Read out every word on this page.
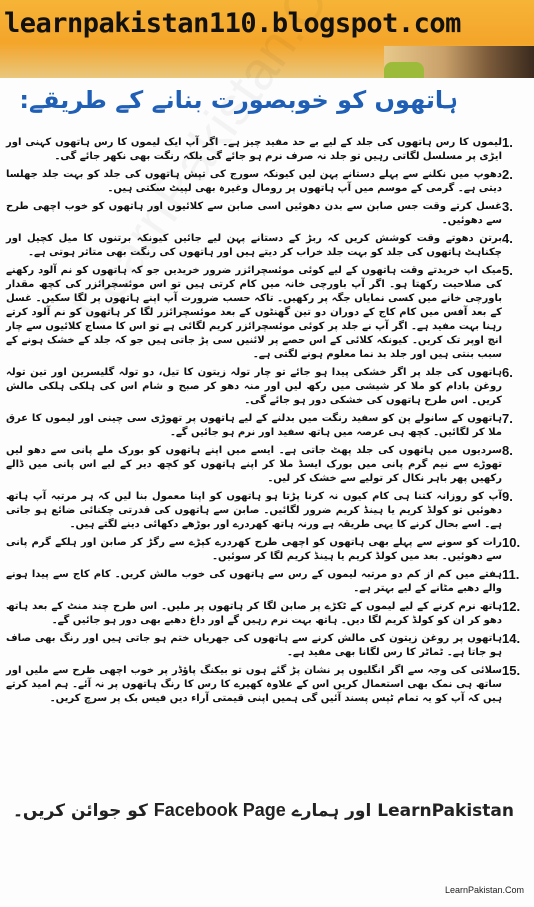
learnpakistan110.blogspot.com
ہاتھوں کو خوبصورت بنانے کے طریقے:
1.
لیموں کا رس ہاتھوں کی جلد کے لیے بے حد مفید چیز ہے۔ اگر آپ ایک لیموں کا رس ہاتھوں کہنی اور ایڑی پر مسلسل لگاتی رہیں تو جلد نہ صرف نرم ہو جائے گی بلکہ رنگت بھی نکھر جائے گی۔
2.
دھوپ میں نکلنے سے پہلے دستانے پہن لیں کیونکہ سورج کی تپش ہاتھوں کی جلد کو بہت جلد جھلسا دیتی ہے۔ گرمی کے موسم میں آپ ہاتھوں پر رومال وغیرہ بھی لپیٹ سکتی ہیں۔
3.
غسل کرتے وقت جس صابن سے بدن دھوئیں اسی صابن سے کلائیوں اور ہاتھوں کو خوب اچھی طرح سے دھوئیں۔
4.
برتن دھوتے وقت کوشش کریں کہ ربڑ کے دستانے پہن لیے جائیں کیونکہ برتنوں کا میل کچیل اور چکناہٹ ہاتھوں کی جلد کو بہت جلد خراب کر دیتے ہیں اور ہاتھوں کی رنگت بھی متاثر ہوتی ہے۔
5.
میک اپ خریدتے وقت ہاتھوں کے لیے کوئی موئسچرائزر ضرور خریدیں جو کہ ہاتھوں کو نم آلود رکھنے کی صلاحیت رکھتا ہو۔ اگر آپ باورچی خانہ میں کام کرتی ہیں تو اس موئسچرائزر کی کچھ مقدار باورچی خانے میں کسی نمایاں جگہ پر رکھیں۔ تاکہ حسب ضرورت آپ اپنے ہاتھوں پر لگا سکیں۔ غسل کے بعد آفس میں کام کاج کے دوران دو تین گھنٹوں کے بعد موئسچرائزر لگا کر ہاتھوں کو نم آلود کرتے رہنا بہت مفید ہے۔ اگر آپ نے جلد پر کوئی موئسچرائزر کریم لگائی ہے تو اس کا مساج کلائیوں سے چار انچ اوپر تک کریں۔ کیونکہ کلائی کے اس حصے پر لائنیں سی پڑ جاتی ہیں جو کہ جلد کے خشک ہونے کے سبب بنتی ہیں اور جلد بد نما معلوم ہونے لگتی ہے۔
6.
ہاتھوں کی جلد پر اگر خشکی پیدا ہو جائے تو چار تولہ زیتون کا تیل، دو تولہ گلیسرین اور تین تولہ روغن بادام کو ملا کر شیشی میں رکھ لیں اور منہ دھو کر صبح و شام اس کی ہلکی ہلکی مالش کریں۔ اس طرح ہاتھوں کی خشکی دور ہو جائے گی۔
7.
ہاتھوں کے سانولے پن کو سفید رنگت میں بدلنے کے لیے ہاتھوں پر تھوڑی سی چینی اور لیموں کا عرق ملا کر لگائیں۔ کچھ ہی عرصہ میں ہاتھ سفید اور نرم ہو جائیں گے۔
8.
سردیوں میں ہاتھوں کی جلد پھٹ جاتی ہے۔ ایسے میں اپنے ہاتھوں کو بورک ملے پانی سے دھو لیں تھوڑے سے نیم گرم پانی میں بورک ایسڈ ملا کر اپنے ہاتھوں کو کچھ دیر کے لیے اس پانی میں ڈالے رکھیں پھر باہر نکال کر تولیے سے خشک کر لیں۔
9.
آپ کو روزانہ کتنا ہی کام کیوں نہ کرنا پڑتا ہو ہاتھوں کو اپنا معمول بنا لیں کہ ہر مرتبہ آپ ہاتھ دھوئیں تو کولڈ کریم یا ہینڈ کریم ضرور لگائیں۔ صابن سے ہاتھوں کی قدرتی چکنائی ضائع ہو جاتی ہے۔ اسے بحال کرنے کا یہی طریقہ ہے ورنہ ہاتھ کھردرے اور بوڑھے دکھائی دینے لگتے ہیں۔
10.
رات کو سونے سے پہلے بھی ہاتھوں کو اچھی طرح کھردرے کپڑے سے رگڑ کر صابن اور ہلکے گرم پانی سے دھوئیں۔ بعد میں کولڈ کریم یا ہینڈ کریم لگا کر سوئیں۔
11.
ہفتے میں کم از کم دو مرتبہ لیموں کے رس سے ہاتھوں کی خوب مالش کریں۔ کام کاج سے پیدا ہونے والے دھبے مٹانے کے لیے بہتر ہے۔
12.
ہاتھ نرم کرنے کے لیے لیموں کے ٹکڑے پر صابن لگا کر ہاتھوں پر ملیں۔ اس طرح چند منٹ کے بعد ہاتھ دھو کر ان کو کولڈ کریم لگا دیں۔ ہاتھ بہت نرم رہیں گے اور داغ دھبے بھی دور ہو جائیں گے۔
14.
ہاتھوں پر روغن زیتون کی مالش کرنے سے ہاتھوں کی جھریاں ختم ہو جاتی ہیں اور رنگ بھی صاف ہو جاتا ہے۔ ٹماٹر کا رس لگانا بھی مفید ہے۔
15.
سلائی کی وجہ سے اگر انگلیوں پر نشان پڑ گئے ہوں تو بیکنگ پاؤڈر پر خوب اچھی طرح سے ملیں اور ساتھ ہی نمک بھی استعمال کریں اس کے علاوہ کھیرے کا رس کا رنگ ہاتھوں پر نہ آئے۔ ہم امید کرتے ہیں کہ آپ کو یہ تمام ٹپس پسند آئیں گی ہمیں اپنی قیمتی آراء دیں فیس بک پر سرچ کریں۔
LearnPakistan اور ہمارے Facebook Page کو جوائن کریں۔
LearnPakistan.Com
